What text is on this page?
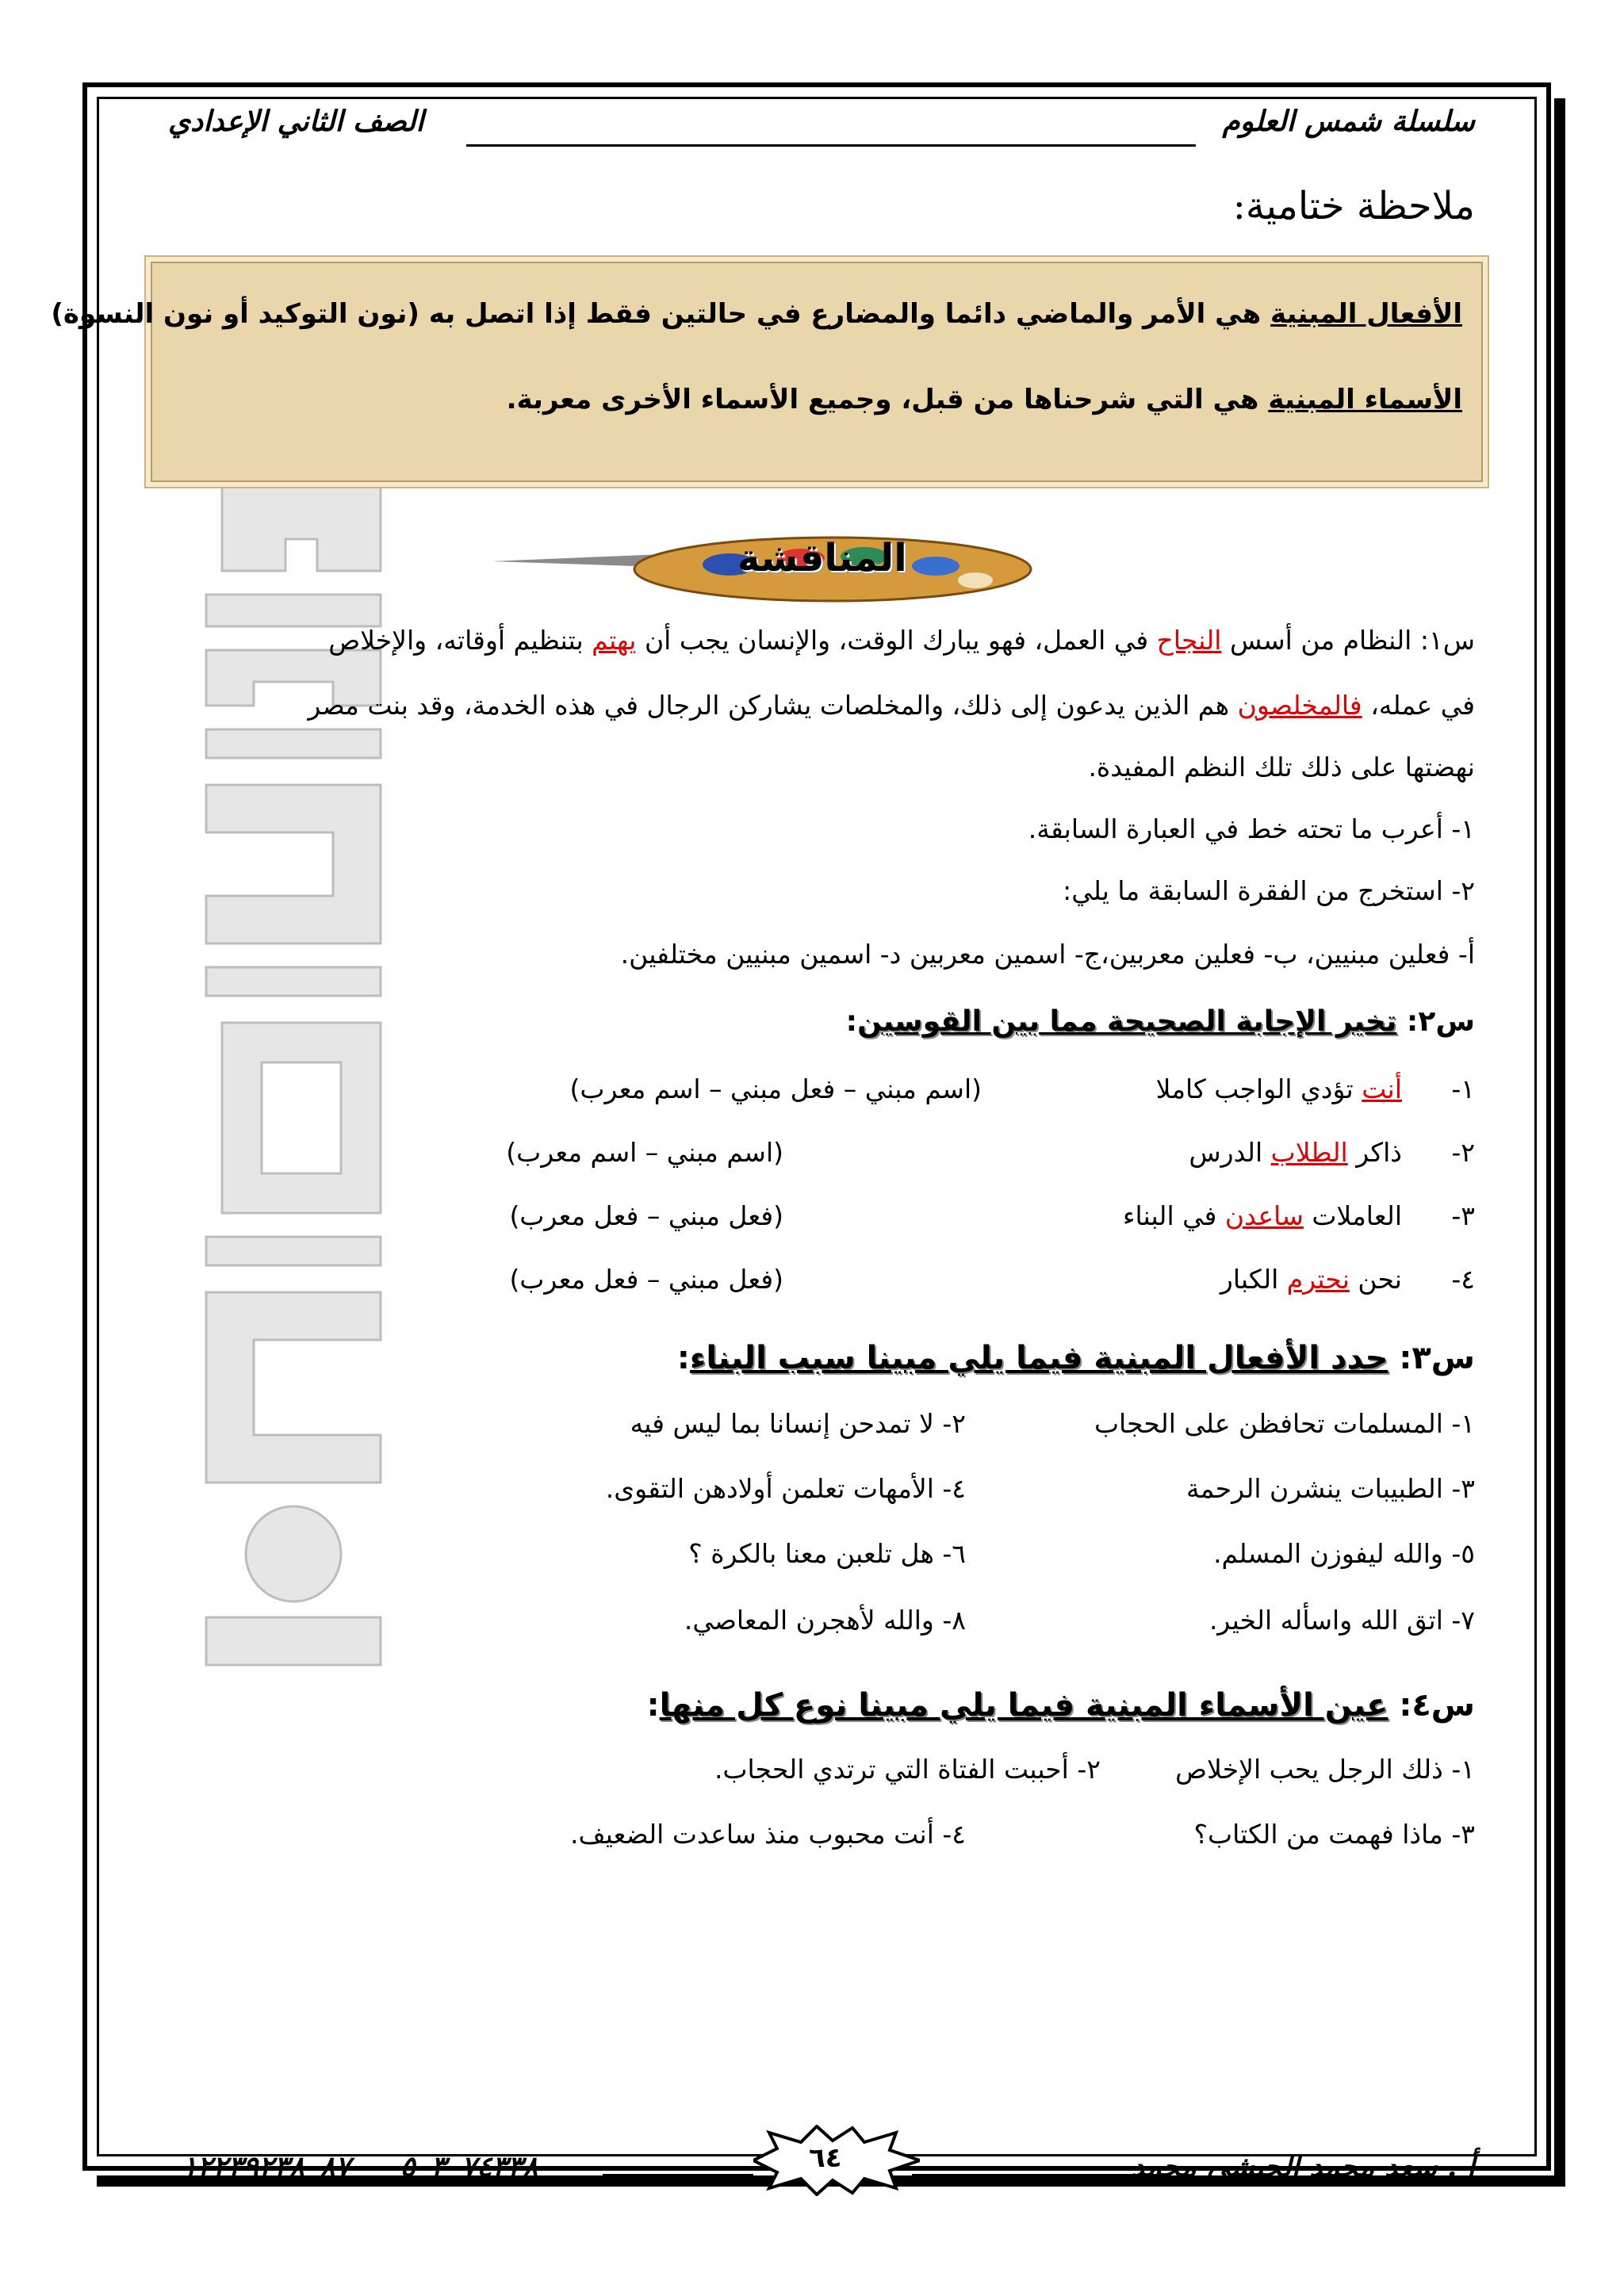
سلسلة شمس العلوم
الصف الثاني الإعدادي
ملاحظة ختامية:
الأفعال المبنية هي الأمر والماضي دائما والمضارع في حالتين فقط إذا اتصل به (نون التوكيد أو نون النسوة)
الأسماء المبنية هي التي شرحناها من قبل، وجميع الأسماء الأخرى معربة.
المناقشة
س١: النظام من أسس النجاح في العمل، فهو يبارك الوقت، والإنسان يجب أن يهتم بتنظيم أوقاته، والإخلاص
في عمله، فالمخلصون هم الذين يدعون إلى ذلك، والمخلصات يشاركن الرجال في هذه الخدمة، وقد بنت مصر
نهضتها على ذلك تلك النظم المفيدة.
١- أعرب ما تحته خط في العبارة السابقة.
٢- استخرج من الفقرة السابقة ما يلي:
أ- فعلين مبنيين، ب- فعلين معربين،ج- اسمين معربين د- اسمين مبنيين مختلفين.
س٢: تخير الإجابة الصحيحة مما بين القوسين:
١-
أنت تؤدي الواجب كاملا
(اسم مبني – فعل مبني – اسم معرب)
٢-
ذاكر الطلاب الدرس
(اسم مبني – اسم معرب)
٣-
العاملات ساعدن في البناء
(فعل مبني – فعل معرب)
٤-
نحن نحترم الكبار
(فعل مبني – فعل معرب)
س٣: حدد الأفعال المبنية فيما يلي مبينا سبب البناء:
١- المسلمات تحافظن على الحجاب
٢- لا تمدحن إنسانا بما ليس فيه
٣- الطبيبات ينشرن الرحمة
٤- الأمهات تعلمن أولادهن التقوى.
٥- والله ليفوزن المسلم.
٦- هل تلعبن معنا بالكرة ؟
٧- اتق الله واسأله الخير.
٨- والله لأهجرن المعاصي.
س٤: عين الأسماء المبنية فيما يلي مبينا نوع كل منها:
١- ذلك الرجل يحب الإخلاص
٢- أحببت الفتاة التي ترتدي الحجاب.
٣- ماذا فهمت من الكتاب؟
٤- أنت محبوب منذ ساعدت الضعيف.
أ . سعد محمد الحبشي محمد
٦٤
٠٥٠٣٠٧٤٣٣٨ – ٠١٢٢٣٩٢٣٨٠٨٧
